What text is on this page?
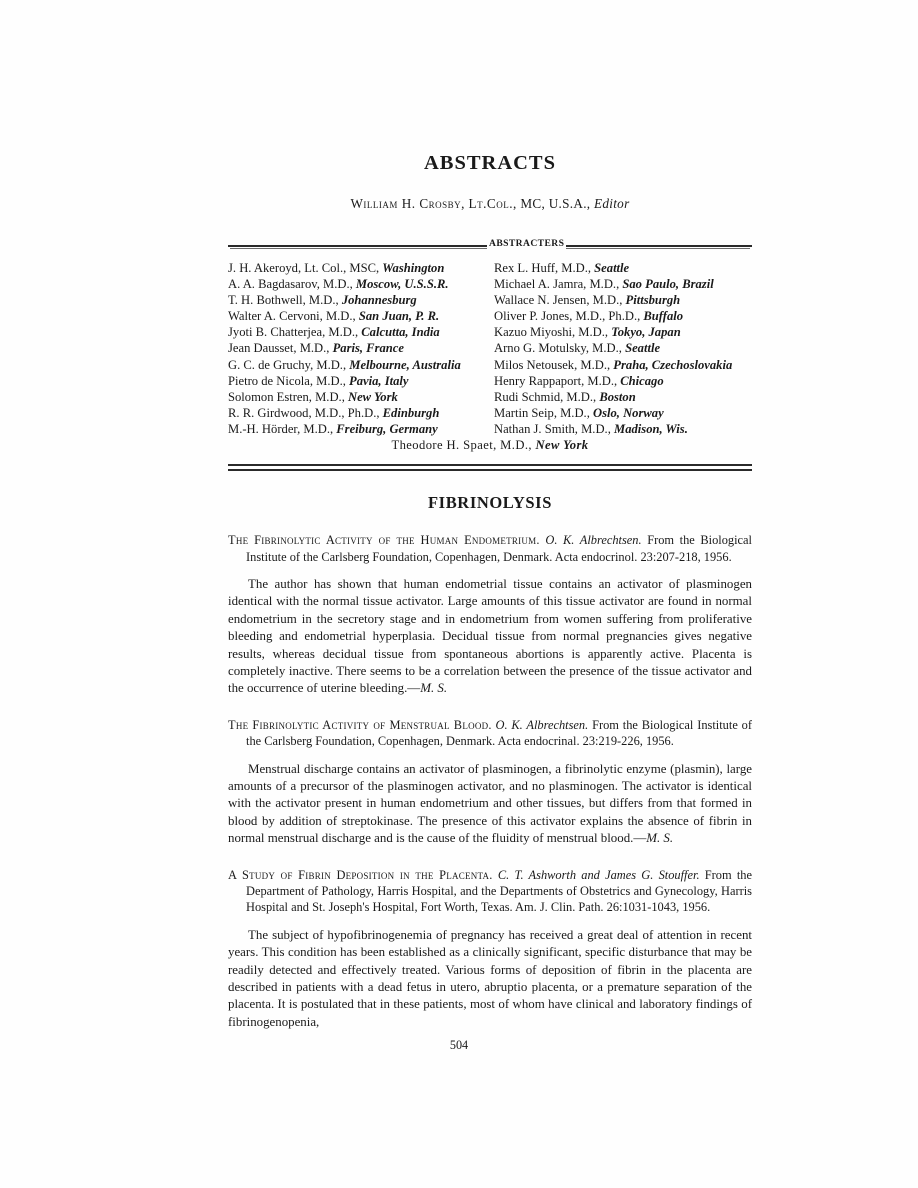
ABSTRACTS
William H. Crosby, Lt.Col., MC, U.S.A., Editor
ABSTRACTERS
J. H. Akeroyd, Lt. Col., MSC, Washington
A. A. Bagdasarov, M.D., Moscow, U.S.S.R.
T. H. Bothwell, M.D., Johannesburg
Walter A. Cervoni, M.D., San Juan, P. R.
Jyoti B. Chatterjea, M.D., Calcutta, India
Jean Dausset, M.D., Paris, France
G. C. de Gruchy, M.D., Melbourne, Australia
Pietro de Nicola, M.D., Pavia, Italy
Solomon Estren, M.D., New York
R. R. Girdwood, M.D., Ph.D., Edinburgh
M.-H. Hörder, M.D., Freiburg, Germany
Rex L. Huff, M.D., Seattle
Michael A. Jamra, M.D., Sao Paulo, Brazil
Wallace N. Jensen, M.D., Pittsburgh
Oliver P. Jones, M.D., Ph.D., Buffalo
Kazuo Miyoshi, M.D., Tokyo, Japan
Arno G. Motulsky, M.D., Seattle
Milos Netousek, M.D., Praha, Czechoslovakia
Henry Rappaport, M.D., Chicago
Rudi Schmid, M.D., Boston
Martin Seip, M.D., Oslo, Norway
Nathan J. Smith, M.D., Madison, Wis.
Theodore H. Spaet, M.D., New York
FIBRINOLYSIS
The Fibrinolytic Activity of the Human Endometrium. O. K. Albrechtsen. From the Biological Institute of the Carlsberg Foundation, Copenhagen, Denmark. Acta endocrinol. 23:207-218, 1956.
The author has shown that human endometrial tissue contains an activator of plasminogen identical with the normal tissue activator. Large amounts of this tissue activator are found in normal endometrium in the secretory stage and in endometrium from women suffering from proliferative bleeding and endometrial hyperplasia. Decidual tissue from normal pregnancies gives negative results, whereas decidual tissue from spontaneous abortions is apparently active. Placenta is completely inactive. There seems to be a correlation between the presence of the tissue activator and the occurrence of uterine bleeding.—M. S.
The Fibrinolytic Activity of Menstrual Blood. O. K. Albrechtsen. From the Biological Institute of the Carlsberg Foundation, Copenhagen, Denmark. Acta endocrinal. 23:219-226, 1956.
Menstrual discharge contains an activator of plasminogen, a fibrinolytic enzyme (plasmin), large amounts of a precursor of the plasminogen activator, and no plasminogen. The activator is identical with the activator present in human endometrium and other tissues, but differs from that formed in blood by addition of streptokinase. The presence of this activator explains the absence of fibrin in normal menstrual discharge and is the cause of the fluidity of menstrual blood.—M. S.
A Study of Fibrin Deposition in the Placenta. C. T. Ashworth and James G. Stouffer. From the Department of Pathology, Harris Hospital, and the Departments of Obstetrics and Gynecology, Harris Hospital and St. Joseph's Hospital, Fort Worth, Texas. Am. J. Clin. Path. 26:1031-1043, 1956.
The subject of hypofibrinogenemia of pregnancy has received a great deal of attention in recent years. This condition has been established as a clinically significant, specific disturbance that may be readily detected and effectively treated. Various forms of deposition of fibrin in the placenta are described in patients with a dead fetus in utero, abruptio placenta, or a premature separation of the placenta. It is postulated that in these patients, most of whom have clinical and laboratory findings of fibrinogenopenia,
504
